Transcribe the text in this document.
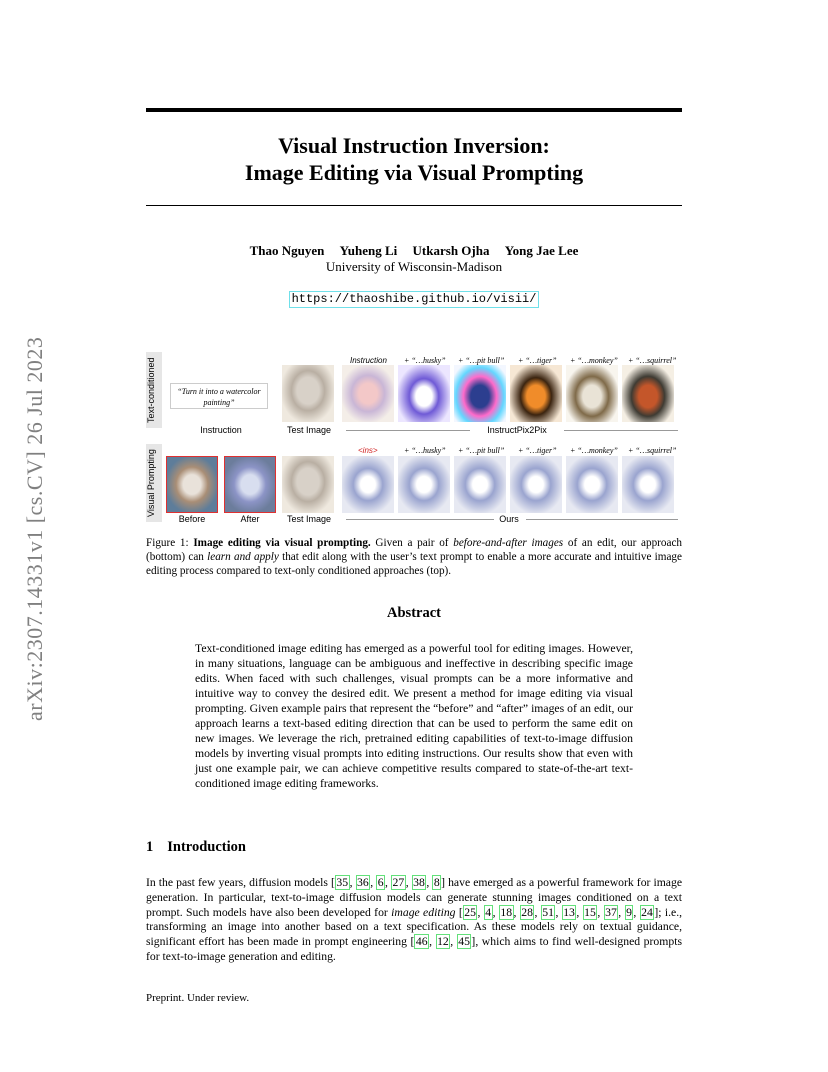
arXiv:2307.14331v1 [cs.CV] 26 Jul 2023
Visual Instruction Inversion:
Image Editing via Visual Prompting
Thao Nguyen Yuheng Li Utkarsh Ojha Yong Jae Lee
University of Wisconsin-Madison
https://thaoshibe.github.io/visii/
Text-conditioned
Visual Prompting
Instruction + “…husky” + “…pit bull” + “…tiger” + “…monkey” + “…squirrel”
“Turn it into a watercolor painting”
Instruction	Test Image	InstructPix2Pix
<ins>	+ “…husky” + “…pit bull” + “…tiger” + “…monkey” + “…squirrel”
Before	After	Test Image	Ours
Figure 1: Image editing via visual prompting. Given a pair of before-and-after images of an edit, our approach (bottom) can learn and apply that edit along with the user’s text prompt to enable a more accurate and intuitive image editing process compared to text-only conditioned approaches (top).
Abstract
Text-conditioned image editing has emerged as a powerful tool for editing images. However, in many situations, language can be ambiguous and ineffective in describing specific image edits. When faced with such challenges, visual prompts can be a more informative and intuitive way to convey the desired edit. We present a method for image editing via visual prompting. Given example pairs that represent the “before” and “after” images of an edit, our approach learns a text-based editing direction that can be used to perform the same edit on new images. We leverage the rich, pretrained editing capabilities of text-to-image diffusion models by inverting visual prompts into editing instructions. Our results show that even with just one example pair, we can achieve competitive results compared to state-of-the-art text-conditioned image editing frameworks.
1 Introduction
In the past few years, diffusion models [ 35 , 36 , 6 , 27 , 38 , 8 ] have emerged as a powerful framework for image generation. In particular, text-to-image diffusion models can generate stunning images conditioned on a text prompt. Such models have also been developed for image editing [ 25 , 4 , 18 , 28 , 51 , 13 , 15 , 37 , 9 , 24 ]; i.e., transforming an image into another based on a text specification. As these models rely on textual guidance, significant effort has been made in prompt engineering [ 46 , 12 , 45 ], which aims to find well-designed prompts for text-to-image generation and editing.
Preprint. Under review.
